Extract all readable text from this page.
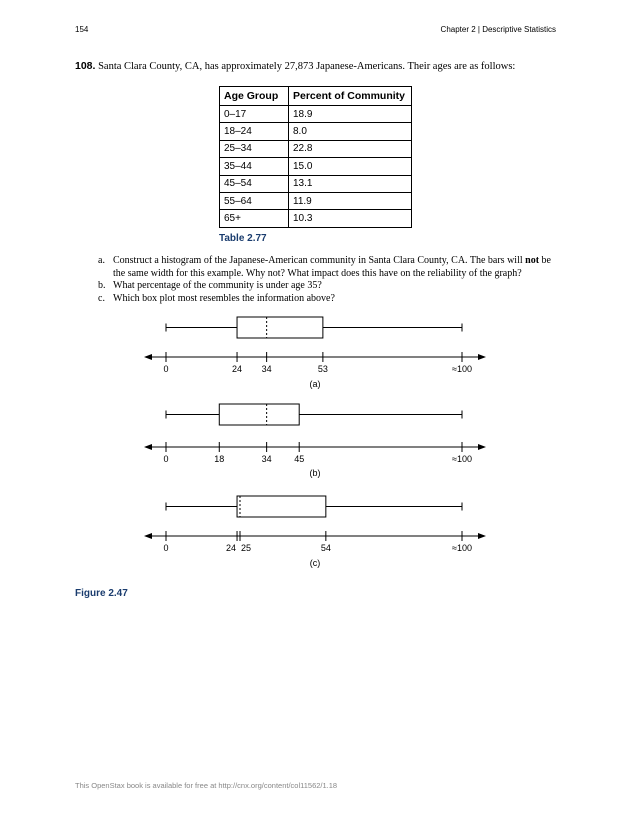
154	Chapter 2 | Descriptive Statistics
108. Santa Clara County, CA, has approximately 27,873 Japanese-Americans. Their ages are as follows:
Age Group	Percent of Community
0–17	18.9
18–24	8.0
25–34	22.8
35–44	15.0
45–54	13.1
55–64	11.9
65+	10.3
Table 2.77
a. Construct a histogram of the Japanese-American community in Santa Clara County, CA. The bars will not be the same width for this example. Why not? What impact does this have on the reliability of the graph?
b. What percentage of the community is under age 35?
c. Which box plot most resembles the information above?
0	24 34	53	≈100
(a)
0	18	34	45	≈100
(b)
0	24 25	54	≈100
(c)
Figure 2.47
This OpenStax book is available for free at http://cnx.org/content/col11562/1.18
